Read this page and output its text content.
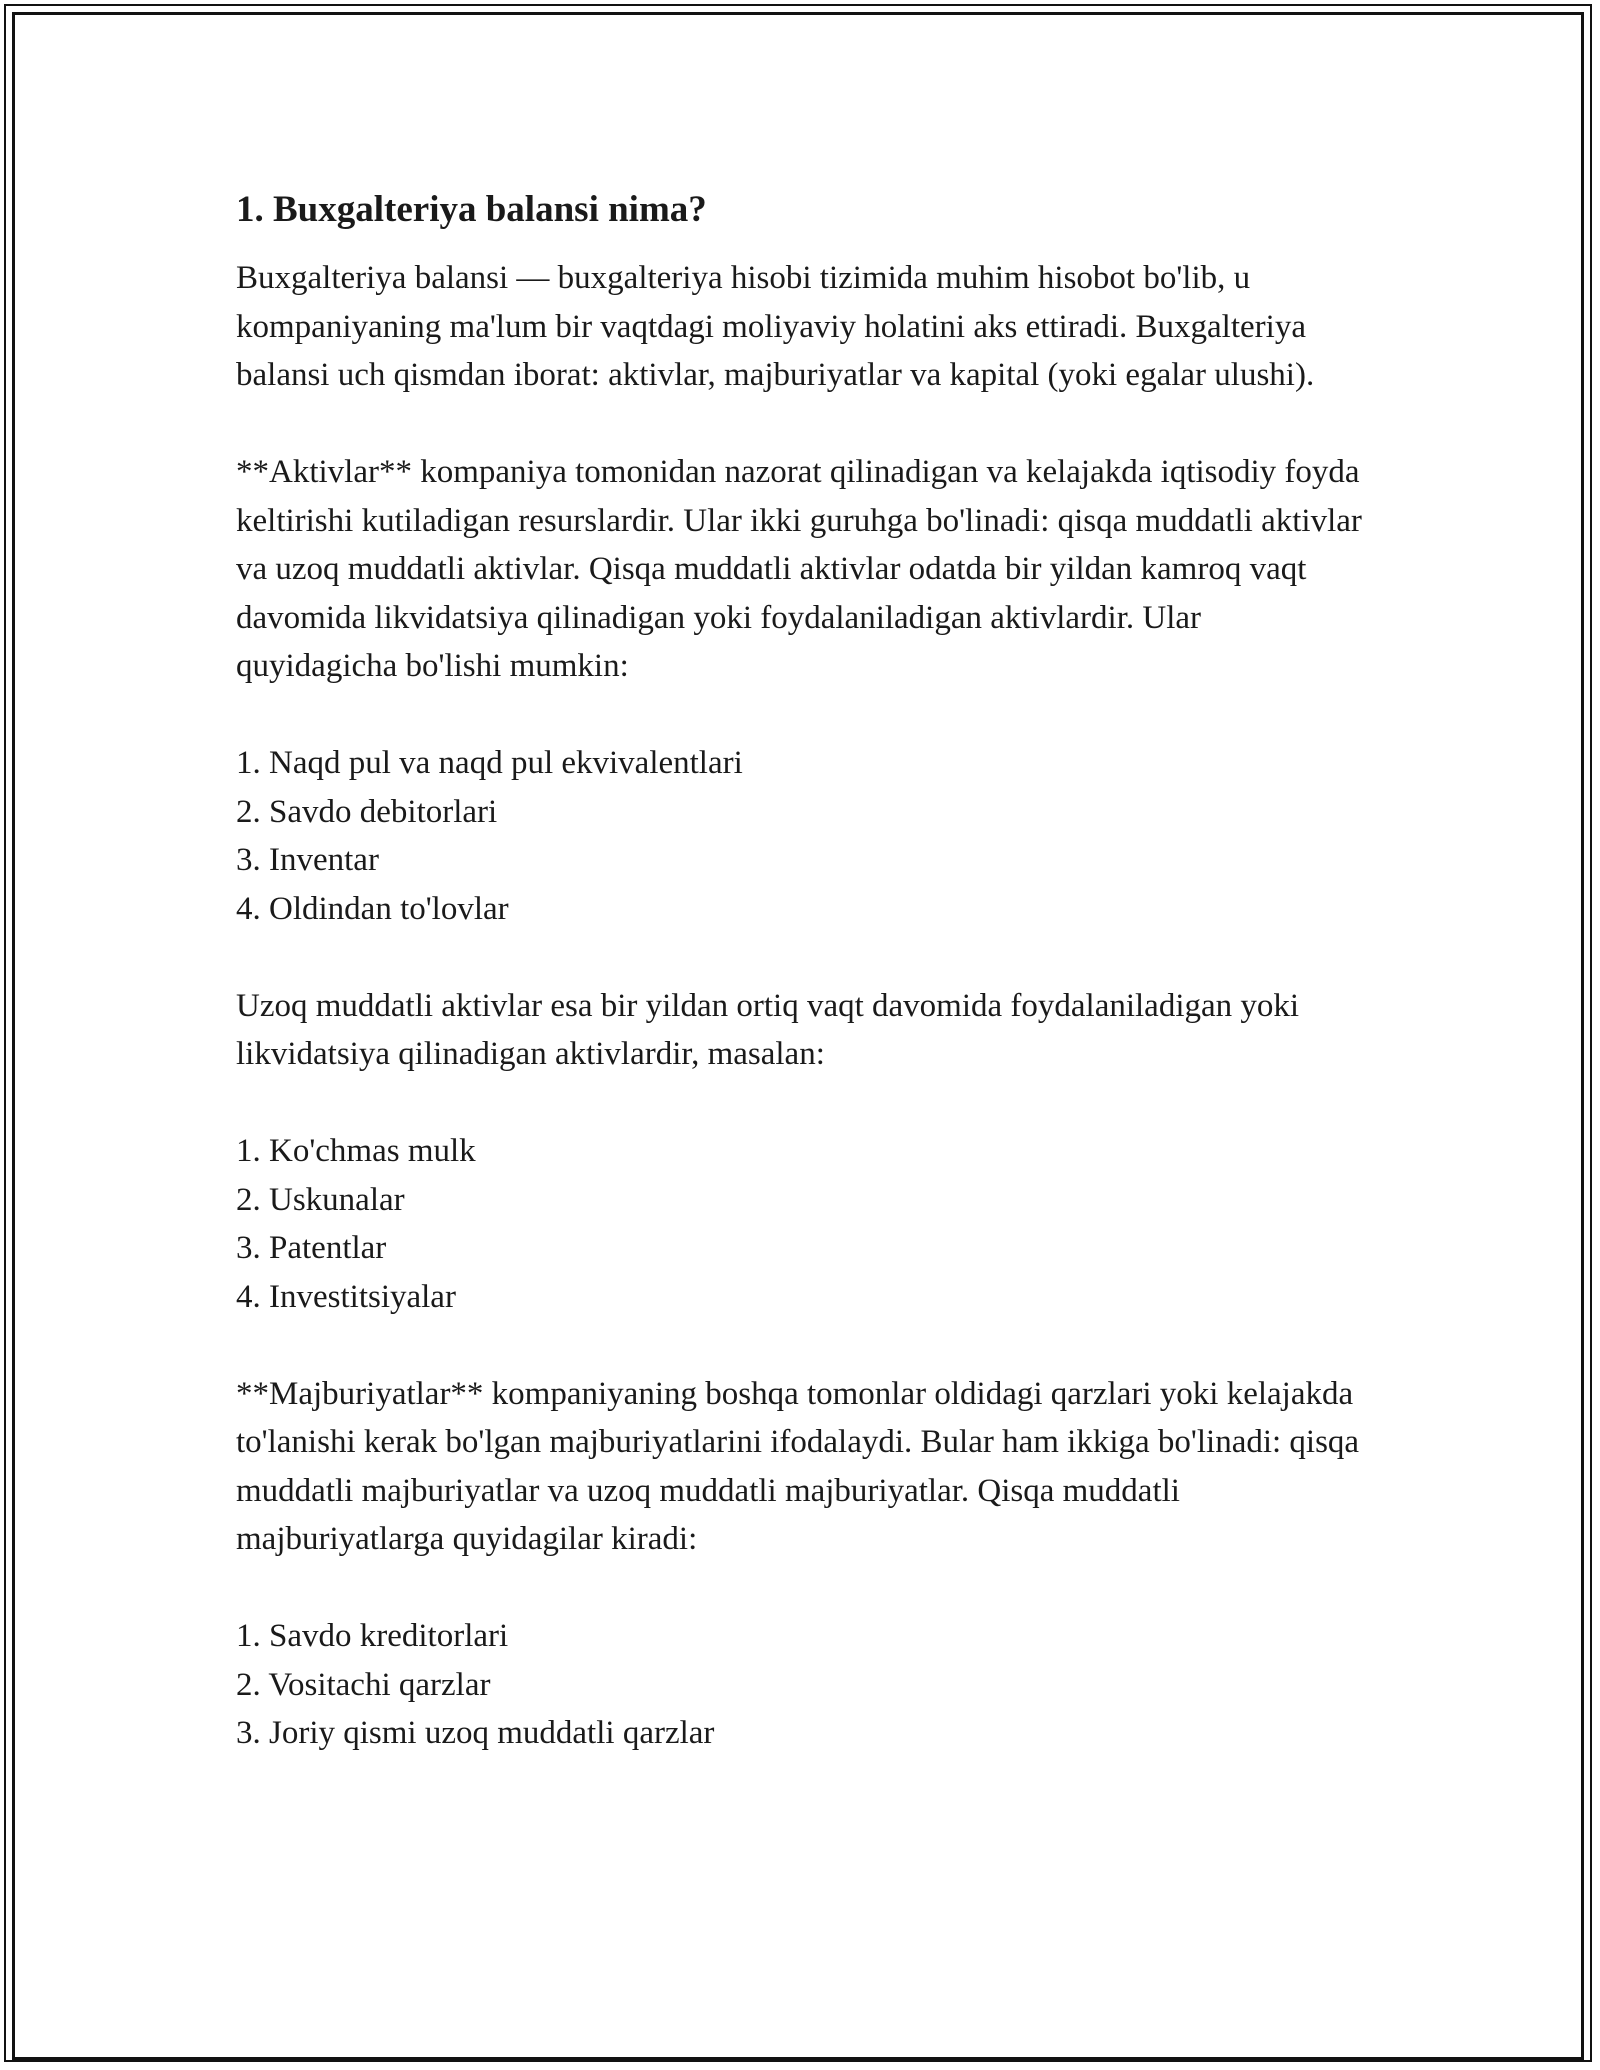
1. Buxgalteriya balansi nima?

Buxgalteriya balansi — buxgalteriya hisobi tizimida muhim hisobot bo'lib, u kompaniyaning ma'lum bir vaqtdagi moliyaviy holatini aks ettiradi. Buxgalteriya balansi uch qismdan iborat: aktivlar, majburiyatlar va kapital (yoki egalar ulushi).

**Aktivlar** kompaniya tomonidan nazorat qilinadigan va kelajakda iqtisodiy foyda keltirishi kutiladigan resurslardir. Ular ikki guruhga bo'linadi: qisqa muddatli aktivlar va uzoq muddatli aktivlar. Qisqa muddatli aktivlar odatda bir yildan kamroq vaqt davomida likvidatsiya qilinadigan yoki foydalaniladigan aktivlardir. Ular quyidagicha bo'lishi mumkin:

1. Naqd pul va naqd pul ekvivalentlari
2. Savdo debitorlari
3. Inventar
4. Oldindan to'lovlar

Uzoq muddatli aktivlar esa bir yildan ortiq vaqt davomida foydalaniladigan yoki likvidatsiya qilinadigan aktivlardir, masalan:

1. Ko'chmas mulk
2. Uskunalar
3. Patentlar
4. Investitsiyalar

**Majburiyatlar** kompaniyaning boshqa tomonlar oldidagi qarzlari yoki kelajakda to'lanishi kerak bo'lgan majburiyatlarini ifodalaydi. Bular ham ikkiga bo'linadi: qisqa muddatli majburiyatlar va uzoq muddatli majburiyatlar. Qisqa muddatli majburiyatlarga quyidagilar kiradi:

1. Savdo kreditorlari
2. Vositachi qarzlar
3. Joriy qismi uzoq muddatli qarzlar
